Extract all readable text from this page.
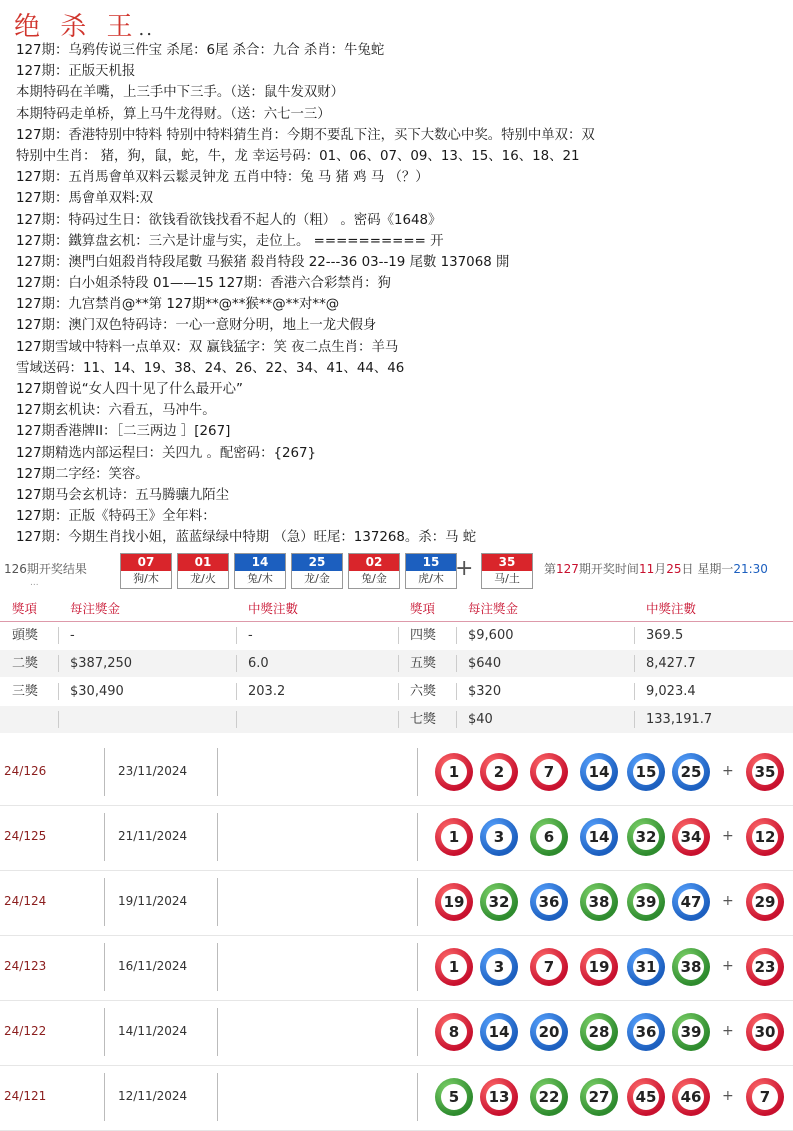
绝 杀 王..
127期：乌鸦传说三件宝 杀尾：6尾 杀合：九合 杀肖：牛兔蛇
127期：正版天机报
本期特码在羊嘴，上三手中下三手。（送：鼠牛发双财）
本期特码走单桥，算上马牛龙得财。（送：六七一三）
127期：香港特别中特料 特别中特料猜生肖：今期不要乱下注，买下大数心中奖。特别中单双：双
特别中生肖： 猪，狗，鼠，蛇，牛，龙 幸运号码：01、06、07、09、13、15、16、18、21
127期：五肖馬會单双料云鬆灵钟龙 五肖中特：兔 马 猪 鸡 马 （？）
127期：馬會单双料:双
127期：特码过生日：欲钱看欲钱找看不起人的（粗） 。密码《1648》
127期：鐵算盘玄机：三六是计虚与实，走位上。 ========== 开
127期：澳門白姐殺肖特段尾數 马猴猪 殺肖特段 22---36 03--19 尾數 137068 開
127期：白小姐杀特段 01——15 127期：香港六合彩禁肖：狗
127期：九宫禁肖@**第 127期**@**猴**@**对**@
127期：澳门双色特码诗：一心一意财分明，地上一龙犬假身
127期雪域中特料一点单双：双 赢钱猛字：笑 夜二点生肖：羊马
雪域送码：11、14、19、38、24、26、22、34、41、44、46
127期曾说“女人四十见了什么最开心”
127期玄机诀：六看五，马冲牛。
127期香港牌II：［二三两边 ］[267]
127期精选内部运程曰：关四九 。配密码：{267}
127期二字经：笑容。
127期马会玄机诗：五马腾骧九陌尘
127期：正版《特码王》全年料：
127期：今期生肖找小姐，蓝蓝绿绿中特期 （急）旺尾：137268。杀：马 蛇
126期开奖结果
...
07
狗/木
01
龙/火
14
兔/木
25
龙/金
02
兔/金
15
虎/木
35
马/土
+	第127期开奖时间11月25日 星期一21:30
獎項	每注獎金	中獎注數	獎項	每注獎金	中獎注數
頭獎 -	-	四獎 $9,600	369.5
二獎 $387,250	6.0	五獎 $640	8,427.7
三獎 $30,490	203.2	六獎 $320	9,023.4
七獎 $40	133,191.7
24/126	23/11/2024	1	2	7	14 15 25 + 35
24/125	21/11/2024	1	3	6	14 32 34 + 12
24/124	19/11/2024	19 32 36 38 39 47 + 29
24/123	16/11/2024	1	3	7	19 31 38 + 23
24/122	14/11/2024	8	14 20 28 36 39 + 30
24/121	12/11/2024	5	13 22 27 45 46 +	7
